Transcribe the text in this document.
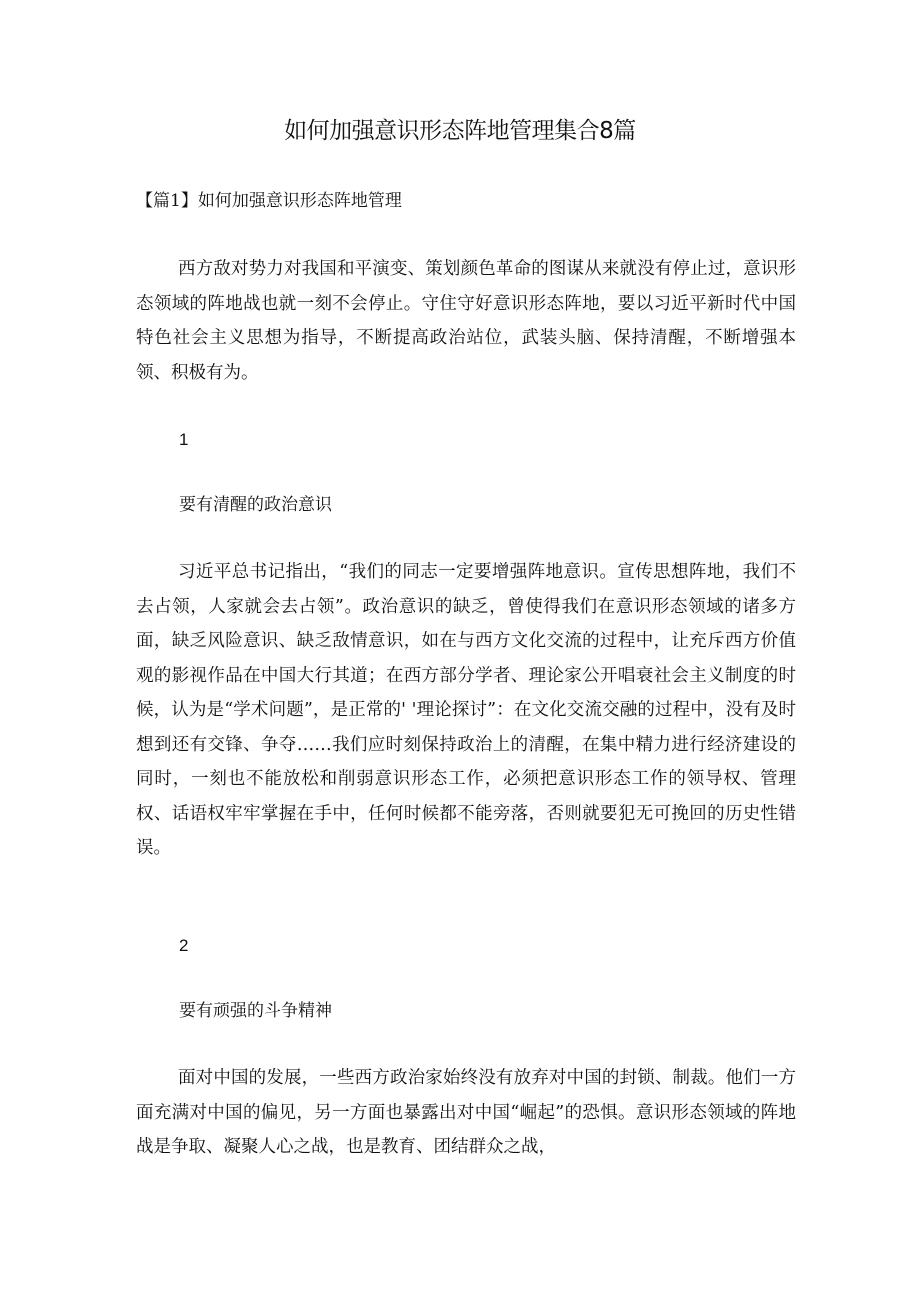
如何加强意识形态阵地管理集合8篇
【篇1】如何加强意识形态阵地管理

西方敌对势力对我国和平演变、策划颜色革命的图谋从来就没有停止过，意识形态领域的阵地战也就一刻不会停止。守住守好意识形态阵地，要以习近平新时代中国特色社会主义思想为指导，不断提高政治站位，武装头脑、保持清醒，不断增强本领、积极有为。

1
要有清醒的政治意识

习近平总书记指出，“我们的同志一定要增强阵地意识。宣传思想阵地，我们不去占领，人家就会去占领”。政治意识的缺乏，曾使得我们在意识形态领域的诸多方面，缺乏风险意识、缺乏敌情意识，如在与西方文化交流的过程中，让充斥西方价值观的影视作品在中国大行其道；在西方部分学者、理论家公开唱衰社会主义制度的时候，认为是“学术问题”，是正常的' '理论探讨”：在文化交流交融的过程中，没有及时想到还有交锋、争夺……我们应时刻保持政治上的清醒，在集中精力进行经济建设的同时，一刻也不能放松和削弱意识形态工作，必须把意识形态工作的领导权、管理权、话语权牢牢掌握在手中，任何时候都不能旁落，否则就要犯无可挽回的历史性错误。

2
要有顽强的斗争精神

面对中国的发展，一些西方政治家始终没有放弃对中国的封锁、制裁。他们一方面充满对中国的偏见，另一方面也暴露出对中国“崛起”的恐惧。意识形态领域的阵地战是争取、凝聚人心之战，也是教育、团结群众之战，
